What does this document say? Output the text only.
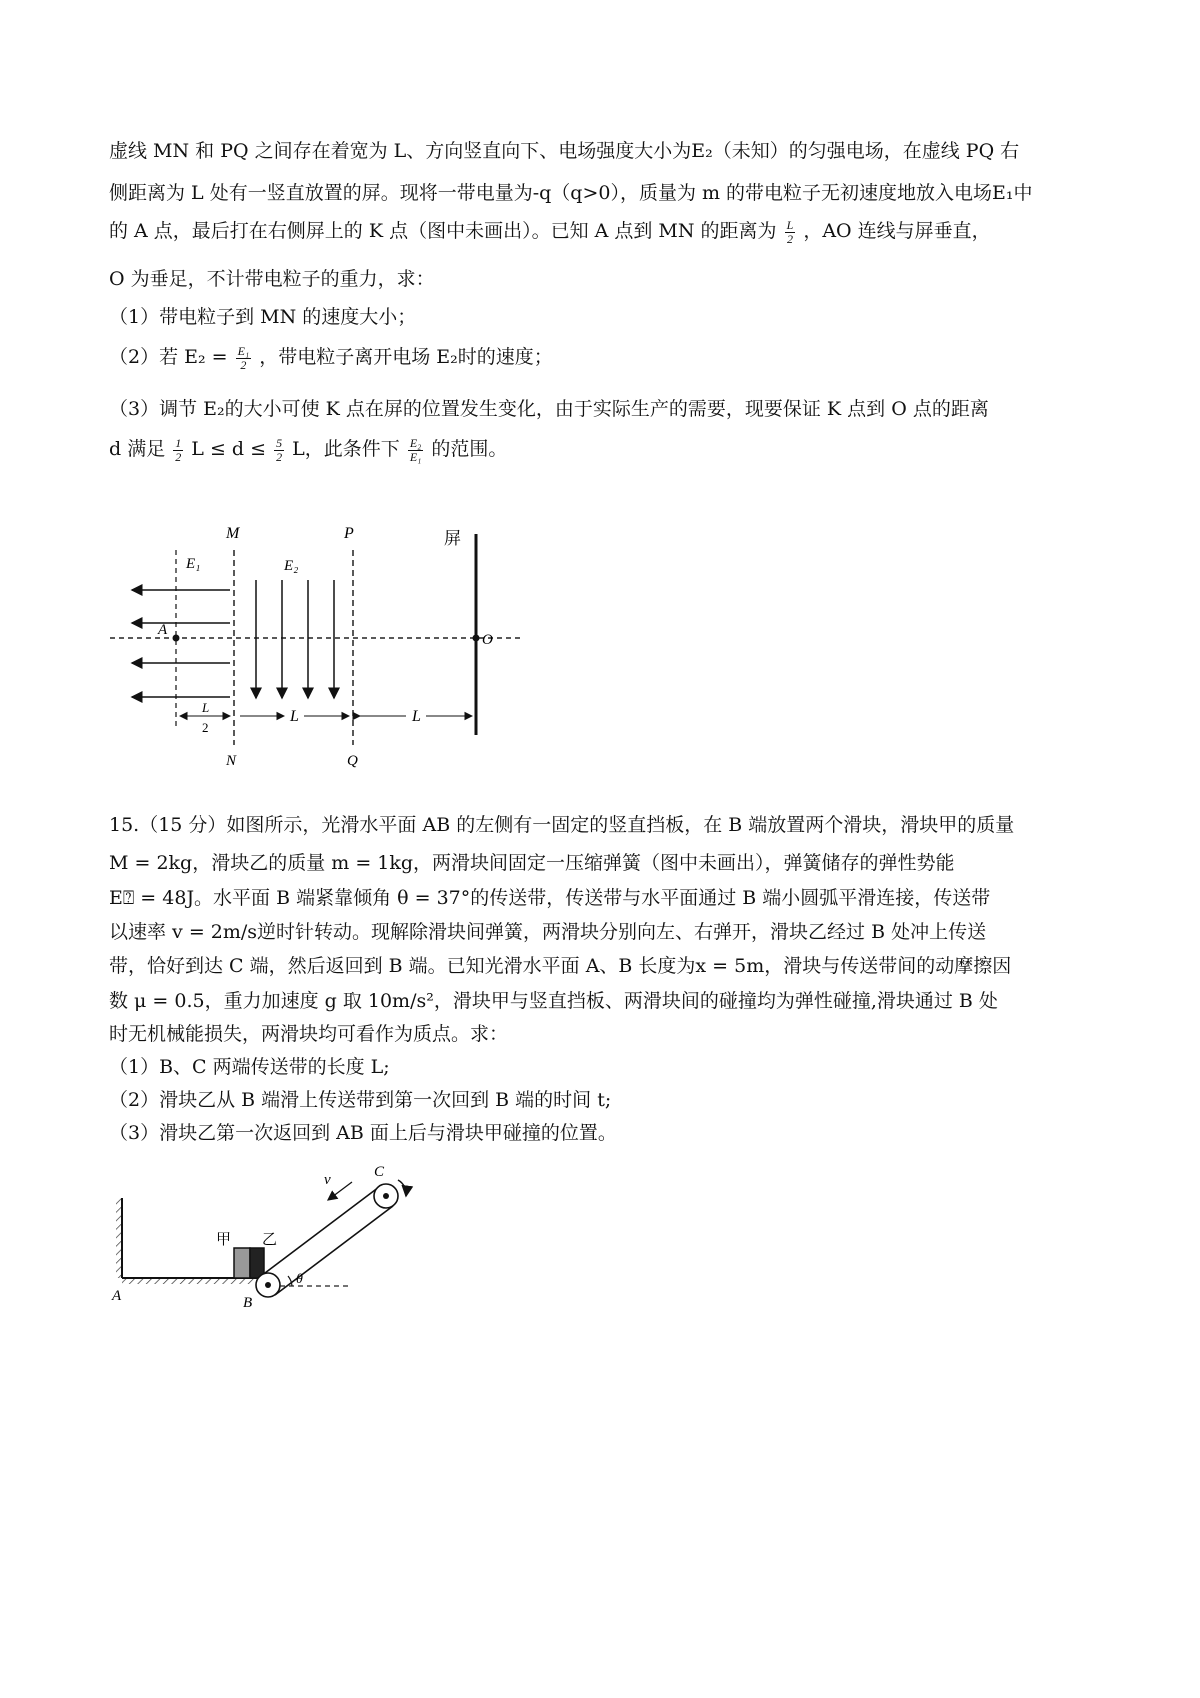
虚线 MN 和 PQ 之间存在着宽为 L、方向竖直向下、电场强度大小为E₂（未知）的匀强电场，在虚线 PQ 右
侧距离为 L 处有一竖直放置的屏。现将一带电量为-q（q>0），质量为 m 的带电粒子无初速度地放入电场E₁中
的 A 点，最后打在右侧屏上的 K 点（图中未画出）。已知 A 点到 MN 的距离为 $\frac{L}{2}$ ，AO 连线与屏垂直，
O 为垂足，不计带电粒子的重力，求：
（1）带电粒子到 MN 的速度大小；
（2）若 $E_2 = \frac{\text{E₁}}{2}$ ，带电粒子离开电场 E₂时的速度；
（3）调节 E₂的大小可使 K 点在屏的位置发生变化，由于实际生产的需要，现要保证 K 点到 O 点的距离
d 满足 $\frac{1}{2}$ $L \le d \le \frac{5}{2}$ L，此条件下 $\frac{\text{E₂}}{\text{E₁}}$ 的范围。
M	P	屏
E₁	E₂
A
O
N	Q
L
2
L	L
15.（15 分）如图所示，光滑水平面 AB 的左侧有一固定的竖直挡板，在 B 端放置两个滑块，滑块甲的质量
M = 2kg，滑块乙的质量 m = 1kg，两滑块间固定一压缩弹簧（图中未画出），弹簧储存的弹性势能
E⍰ = 48J。水平面 B 端紧靠倾角 θ = 37°的传送带，传送带与水平面通过 B 端小圆弧平滑连接，传送带
以速率 v = 2m/s逆时针转动。现解除滑块间弹簧，两滑块分别向左、右弹开，滑块乙经过 B 处冲上传送
带，恰好到达 C 端，然后返回到 B 端。已知光滑水平面 A、B 长度为x = 5m，滑块与传送带间的动摩擦因
数 μ = 0.5，重力加速度 g 取 10m/s²，滑块甲与竖直挡板、两滑块间的碰撞均为弹性碰撞,滑块通过 B 处
时无机械能损失，两滑块均可看作为质点。求：
（1）B、C 两端传送带的长度 L;
（2）滑块乙从 B 端滑上传送带到第一次回到 B 端的时间 t;
（3）滑块乙第一次返回到 AB 面上后与滑块甲碰撞的位置。
A	B
C
v
θ
甲 乙
